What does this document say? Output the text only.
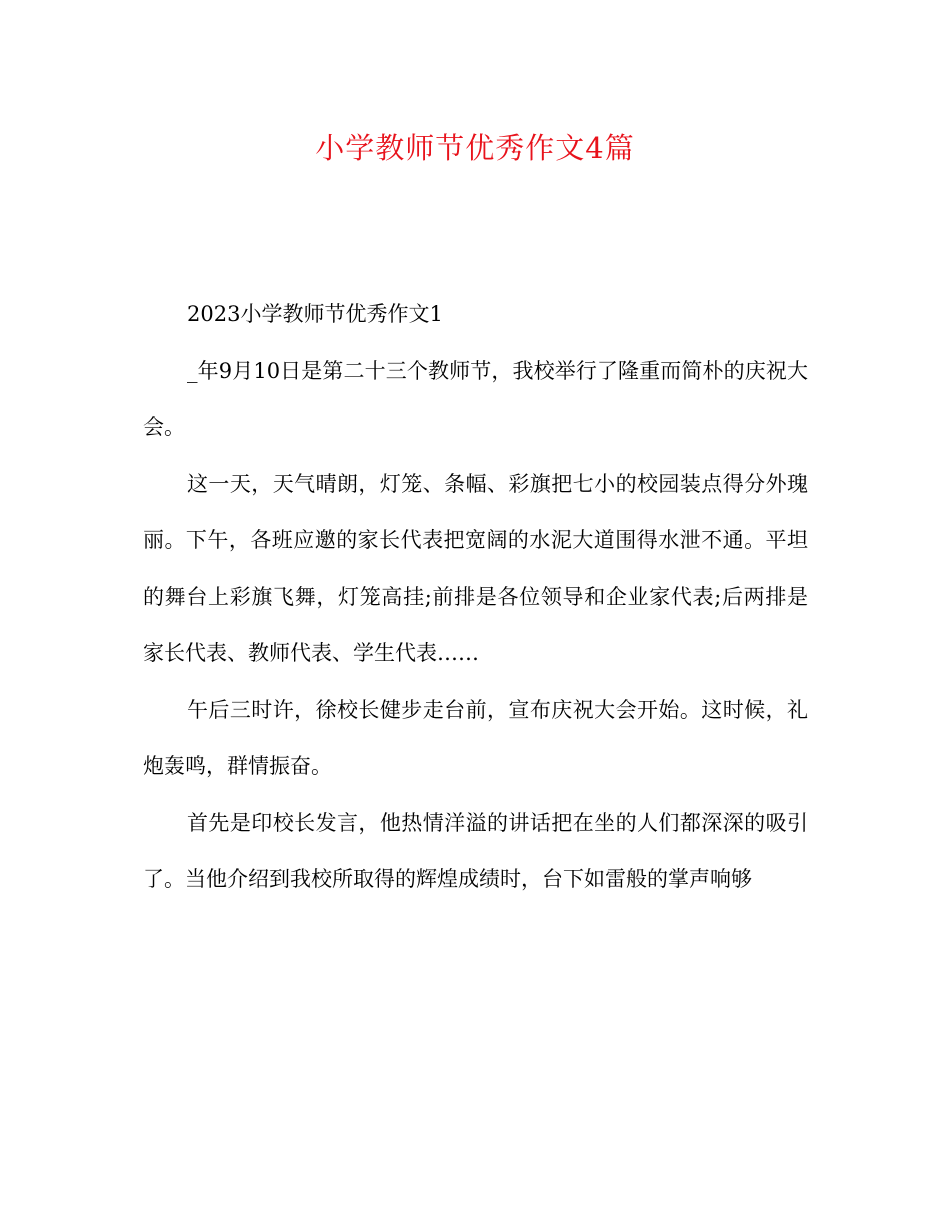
小学教师节优秀作文4篇

2023小学教师节优秀作文1

_年9月10日是第二十三个教师节，我校举行了隆重而简朴的庆祝大会。

这一天，天气晴朗，灯笼、条幅、彩旗把七小的校园装点得分外瑰丽。下午，各班应邀的家长代表把宽阔的水泥大道围得水泄不通。平坦的舞台上彩旗飞舞，灯笼高挂;前排是各位领导和企业家代表;后两排是家长代表、教师代表、学生代表……

午后三时许，徐校长健步走台前，宣布庆祝大会开始。这时候，礼炮轰鸣，群情振奋。

首先是印校长发言，他热情洋溢的讲话把在坐的人们都深深的吸引了。当他介绍到我校所取得的辉煌成绩时，台下如雷般的掌声响够
